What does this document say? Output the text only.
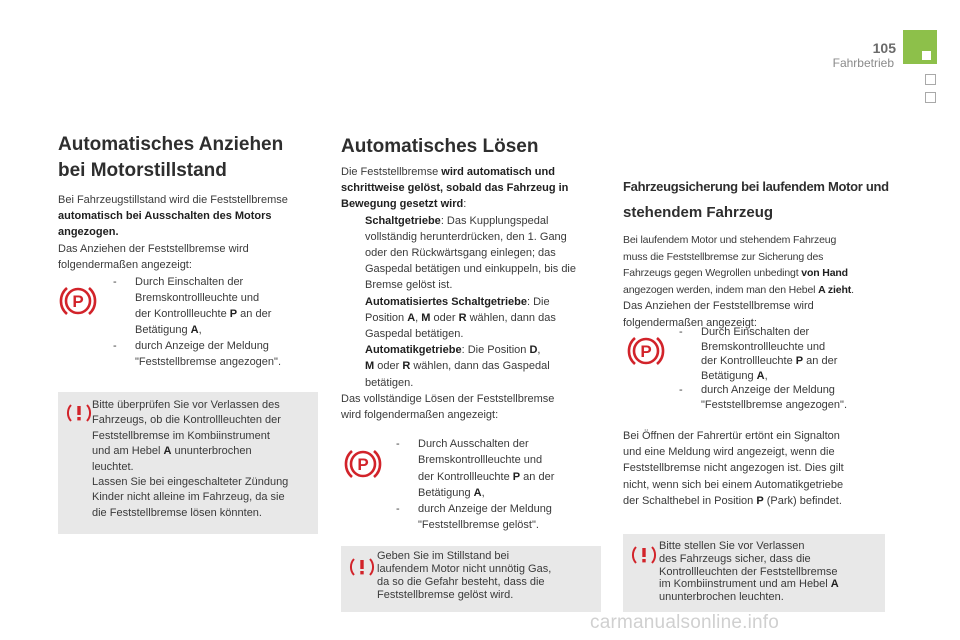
105
Fahrbetrieb
Automatisches Anziehen
bei Motorstillstand

Bei Fahrzeugstillstand wird die Feststellbremse
automatisch bei Ausschalten des Motors
angezogen.
Das Anziehen der Feststellbremse wird
folgendermaßen angezeigt:

P
-	Durch Einschalten der
Bremskontrollleuchte und
der Kontrollleuchte P an der
Betätigung A,
-	durch Anzeige der Meldung
"Feststellbremse angezogen".
Bitte überprüfen Sie vor Verlassen des
Fahrzeugs, ob die Kontrollleuchten der
Feststellbremse im Kombiinstrument
und am Hebel A ununterbrochen
leuchtet.
Lassen Sie bei eingeschalteter Zündung
Kinder nicht alleine im Fahrzeug, da sie
die Feststellbremse lösen könnten.
Automatisches Lösen

Die Feststellbremse wird automatisch und
schrittweise gelöst, sobald das Fahrzeug in
Bewegung gesetzt wird:

Schaltgetriebe: Das Kupplungspedal
vollständig herunterdrücken, den 1. Gang
oder den Rückwärtsgang einlegen; das
Gaspedal betätigen und einkuppeln, bis die
Bremse gelöst ist.
Automatisiertes Schaltgetriebe: Die
Position A, M oder R wählen, dann das
Gaspedal betätigen.
Automatikgetriebe: Die Position D,
M oder R wählen, dann das Gaspedal
betätigen.

Das vollständige Lösen der Feststellbremse
wird folgendermaßen angezeigt:

P
-	Durch Ausschalten der
Bremskontrollleuchte und
der Kontrollleuchte P an der
Betätigung A,
-	durch Anzeige der Meldung
"Feststellbremse gelöst".
Geben Sie im Stillstand bei
laufendem Motor nicht unnötig Gas,
da so die Gefahr besteht, dass die
Feststellbremse gelöst wird.
Fahrzeugsicherung bei laufendem Motor und
stehendem Fahrzeug

Bei laufendem Motor und stehendem Fahrzeug
muss die Feststellbremse zur Sicherung des
Fahrzeugs gegen Wegrollen unbedingt von Hand
angezogen werden, indem man den Hebel A zieht.

Das Anziehen der Feststellbremse wird
folgendermaßen angezeigt:

P
-	Durch Einschalten der
Bremskontrollleuchte und
der Kontrollleuchte P an der
Betätigung A,
-	durch Anzeige der Meldung
"Feststellbremse angezogen".

Bei Öffnen der Fahrertür ertönt ein Signalton
und eine Meldung wird angezeigt, wenn die
Feststellbremse nicht angezogen ist. Dies gilt
nicht, wenn sich bei einem Automatikgetriebe
der Schalthebel in Position P (Park) befindet.

Bitte stellen Sie vor Verlassen
des Fahrzeugs sicher, dass die
Kontrollleuchten der Feststellbremse
im Kombiinstrument und am Hebel A
ununterbrochen leuchten.
carmanualsonline.info
